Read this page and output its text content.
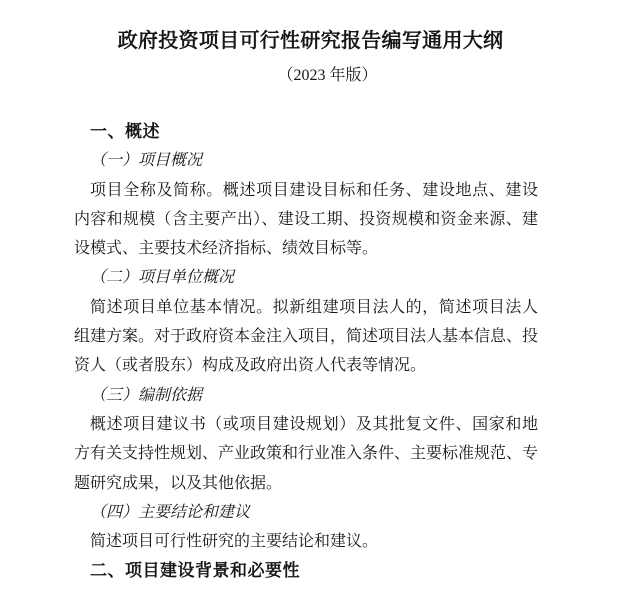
政府投资项目可行性研究报告编写通用大纲
（2023 年版）
一、概述
（一）项目概况
项目全称及简称。概述项目建设目标和任务、建设地点、建设
内容和规模（含主要产出）、建设工期、投资规模和资金来源、建
设模式、主要技术经济指标、绩效目标等。
（二）项目单位概况
简述项目单位基本情况。拟新组建项目法人的，简述项目法人
组建方案。对于政府资本金注入项目，简述项目法人基本信息、投
资人（或者股东）构成及政府出资人代表等情况。
（三）编制依据
概述项目建议书（或项目建设规划）及其批复文件、国家和地
方有关支持性规划、产业政策和行业准入条件、主要标准规范、专
题研究成果，以及其他依据。
（四）主要结论和建议
简述项目可行性研究的主要结论和建议。
二、项目建设背景和必要性
